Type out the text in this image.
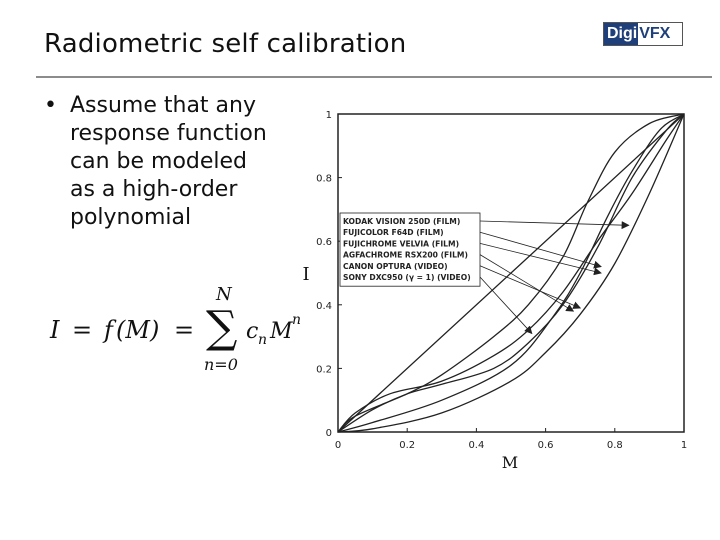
Radiometric self calibration	Digi VFX
• Assume that any
response function
can be modeled
as a high-order
polynomial
I = f (M) = ∑
N
n=0
c n M n
0	0.2	0.4	0.6	0.8	1
0
0.2
0.4
0.6
0.8
1
KODAK VISION 250D (FILM)
FUJICOLOR F64D (FILM)
FUJICHROME VELVIA (FILM)
AGFACHROME RSX200 (FILM)
CANON OPTURA (VIDEO)
SONY DXC950 (γ = 1) (VIDEO)
M
I
